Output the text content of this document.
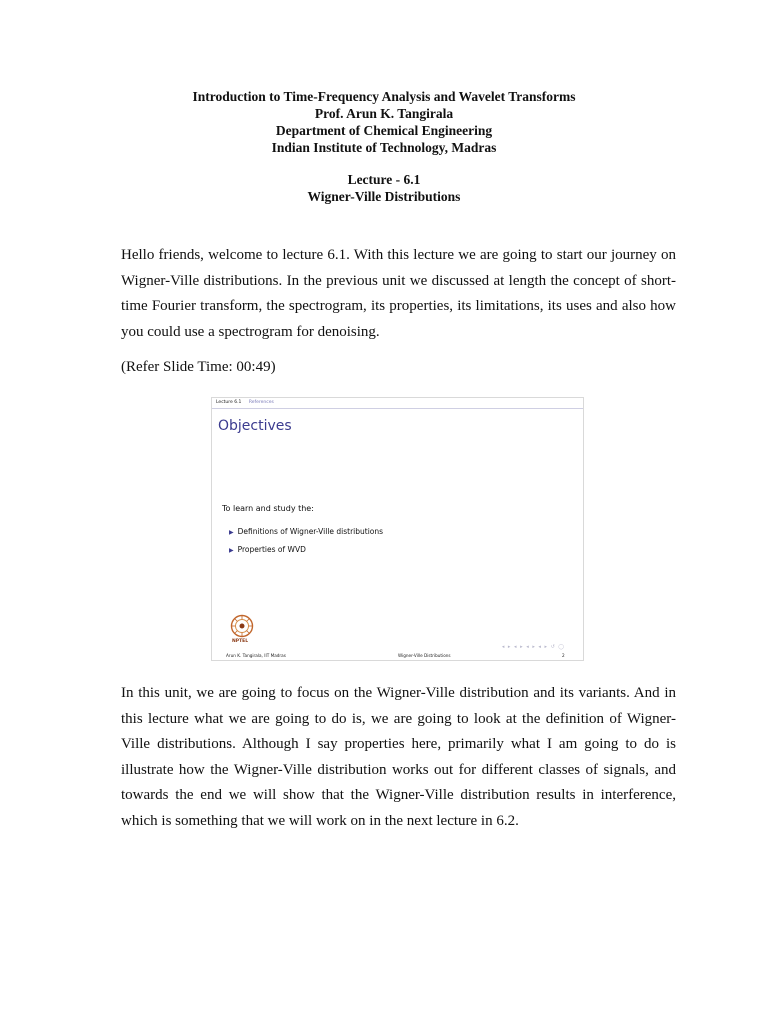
Introduction to Time-Frequency Analysis and Wavelet Transforms
Prof. Arun K. Tangirala
Department of Chemical Engineering
Indian Institute of Technology, Madras
Lecture - 6.1
Wigner-Ville Distributions

Hello friends, welcome to lecture 6.1. With this lecture we are going to start our journey on Wigner-Ville distributions. In the previous unit we discussed at length the concept of short-time Fourier transform, the spectrogram, its properties, its limitations, its uses and also how you could use a spectrogram for denoising.

(Refer Slide Time: 00:49)
Lecture 6.1 References
Objectives
To learn and study the:
▶ Definitions of Wigner-Ville distributions
▶ Properties of WVD
NPTEL
◂ ▸ ◂ ▸ ◂ ▸ ◂ ▸ ↺ ◯
Arun K. Tangirala, IIT Madras	Wigner-Ville Distributions	2

In this unit, we are going to focus on the Wigner-Ville distribution and its variants. And in this lecture what we are going to do is, we are going to look at the definition of Wigner-Ville distributions. Although I say properties here, primarily what I am going to do is illustrate how the Wigner-Ville distribution works out for different classes of signals, and towards the end we will show that the Wigner-Ville distribution results in interference, which is something that we will work on in the next lecture in 6.2.
